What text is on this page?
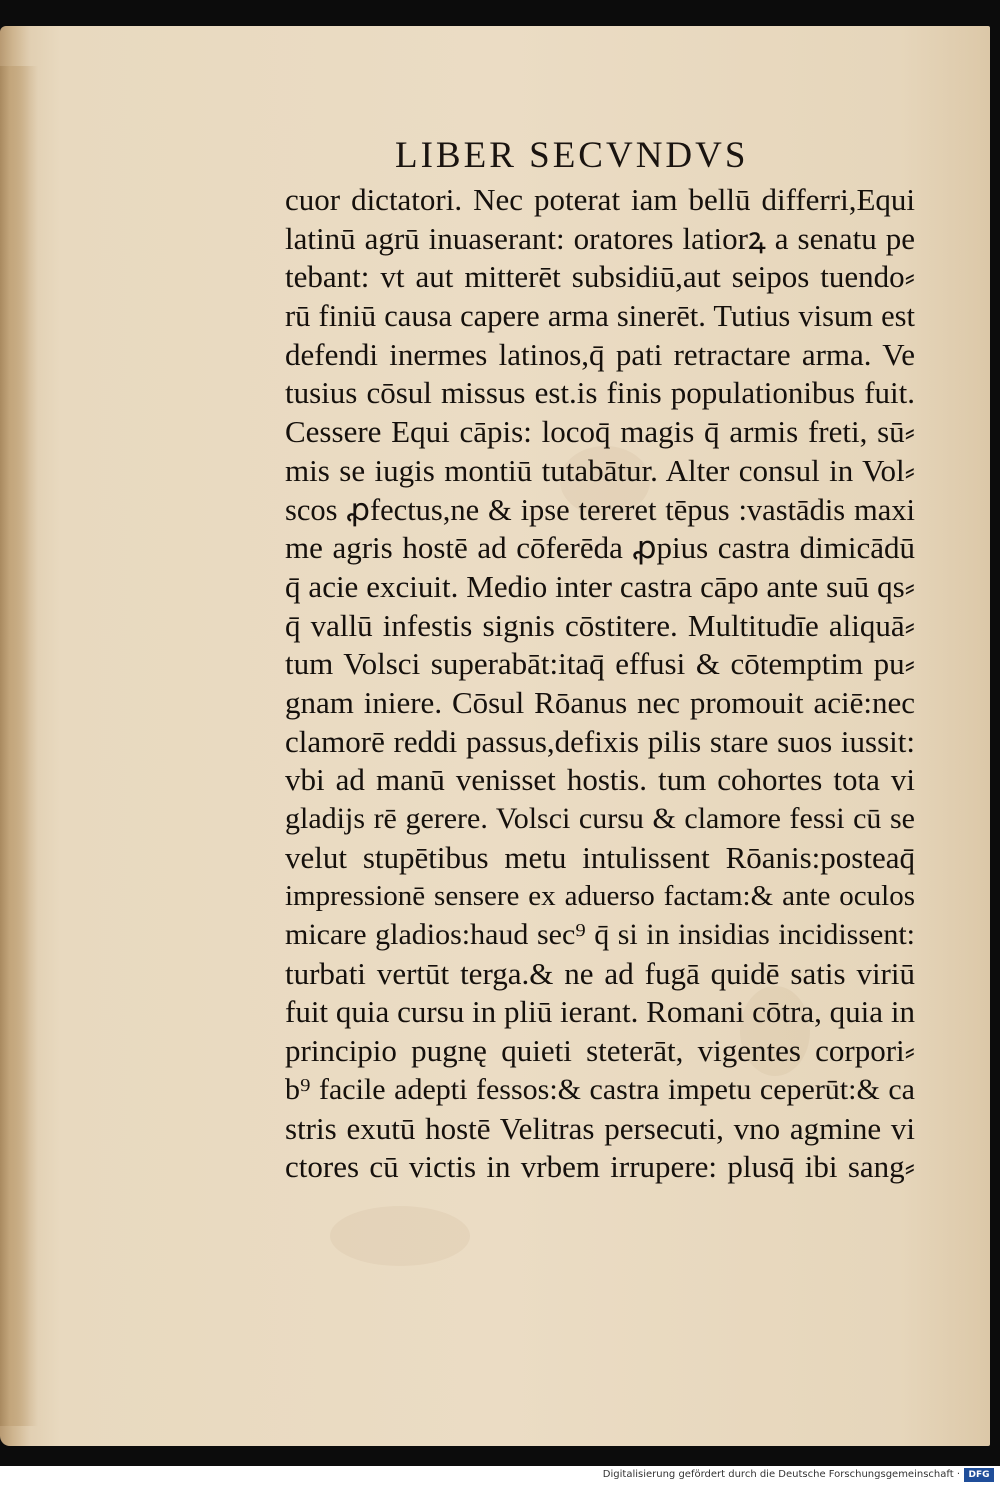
LIBER SECVNDVS
cuor dictatori. Nec poterat iam bellū differri,Equi
latinū agrū inuaserant: oratores latiorꝝ a senatu pe
tebant: vt aut mitterēt subsidiū,aut seipos tuendo⸗
rū finiū causa capere arma sinerēt. Tutius visum est
defendi inermes latinos,q̄ pati retractare arma. Ve
tusius cōsul missus est.is finis populationibus fuit.
Cessere Equi cāpis: locoq̄ magis q̄ armis freti, sū⸗
mis se iugis montiū tutabātur. Alter consul in Vol⸗
scos ꝓfectus,ne & ipse tereret tēpus :vastādis maxi
me agris hostē ad cōferēda ꝓpius castra dimicādū
q̄ acie exciuit. Medio inter castra cāpo ante suū qs⸗
q̄ vallū infestis signis cōstitere. Multitudīe aliquā⸗
tum Volsci superabāt:itaq̄ effusi & cōtemptim pu⸗
gnam iniere. Cōsul Rōanus nec promouit aciē:nec
clamorē reddi passus,defixis pilis stare suos iussit:
vbi ad manū venisset hostis. tum cohortes tota vi
gladijs rē gerere. Volsci cursu & clamore fessi cū se
velut stupētibus metu intulissent Rōanis:posteaq̄
impressionē sensere ex aduerso factam:& ante oculos
micare gladios:haud sec⁹ q̄ si in insidias incidissent:
turbati vertūt terga.& ne ad fugā quidē satis viriū
fuit quia cursu in pliū ierant. Romani cōtra, quia in
principio pugnę quieti steterāt, vigentes corpori⸗
b⁹ facile adepti fessos:& castra impetu ceperūt:& ca
stris exutū hostē Velitras persecuti, vno agmine vi
ctores cū victis in vrbem irrupere: plusq̄ ibi sang⸗
Digitalisierung gefördert durch die Deutsche Forschungsgemeinschaft · DFG
